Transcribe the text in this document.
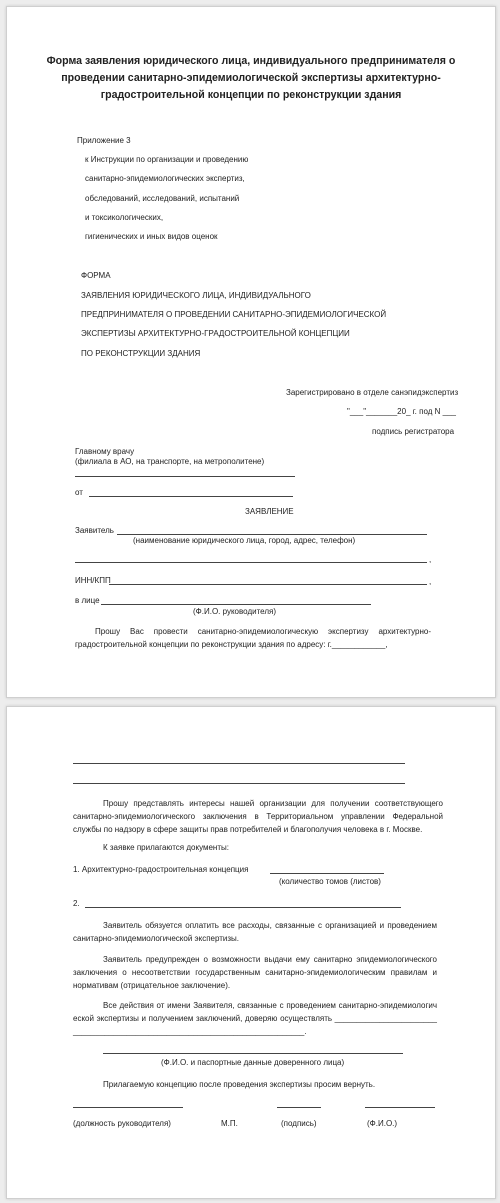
Форма заявления юридического лица, индивидуального предпринимателя о проведении санитарно-эпидемиологической экспертизы архитектурно-градостроительной концепции по реконструкции здания
Приложение 3
к Инструкции по организации и проведению
санитарно-эпидемиологических экспертиз,
обследований, исследований, испытаний
и токсикологических,
гигиенических и иных видов оценок
ФОРМА
ЗАЯВЛЕНИЯ ЮРИДИЧЕСКОГО ЛИЦА, ИНДИВИДУАЛЬНОГО
ПРЕДПРИНИМАТЕЛЯ О ПРОВЕДЕНИИ САНИТАРНО-ЭПИДЕМИОЛОГИЧЕСКОЙ
ЭКСПЕРТИЗЫ АРХИТЕКТУРНО-ГРАДОСТРОИТЕЛЬНОЙ КОНЦЕПЦИИ
ПО РЕКОНСТРУКЦИИ ЗДАНИЯ
Зарегистрировано в отделе санэпидэкспертиз
"___"_______20_ г. под N ___
подпись регистратора
Главному врачу
(филиала в АО, на транспорте, на метрополитене)
от
ЗАЯВЛЕНИЕ
Заявитель
(наименование юридического лица, город, адрес, телефон)
,
ИНН/КПП	,
в лице
(Ф.И.О. руководителя)
Прошу Вас провести санитарно-эпидемиологическую экспертизу архитектурно-градостроительной концепции по реконструкции здания по адресу: г.____________,
Прошу представлять интересы нашей организации для получении соответствующего санитарно-эпидемиологического заключения в Территориальном управлении Федеральной службы по надзору в сфере защиты прав потребителей и благополучия человека в г. Москве.
К заявке прилагаются документы:
1. Архитектурно-градостроительная концепция
(количество томов (листов)
2.
Заявитель обязуется оплатить все расходы, связанные с организацией и проведением санитарно-эпидемиологической экспертизы.
Заявитель предупрежден о возможности выдачи ему санитарно эпидемиологического заключения о несоответствии государственным санитарно-эпидемиологическим правилам и нормативам (отрицательное заключение).
Все действия от имени Заявителя, связанные с проведением санитарно-эпидемиологической экспертизы и получением заключений, доверяю осуществлять ___________________________________________________________________________.
(Ф.И.О. и паспортные данные доверенного лица)
Прилагаемую концепцию после проведения экспертизы просим вернуть.
(должность руководителя)	М.П.	(подпись)	(Ф.И.О.)
